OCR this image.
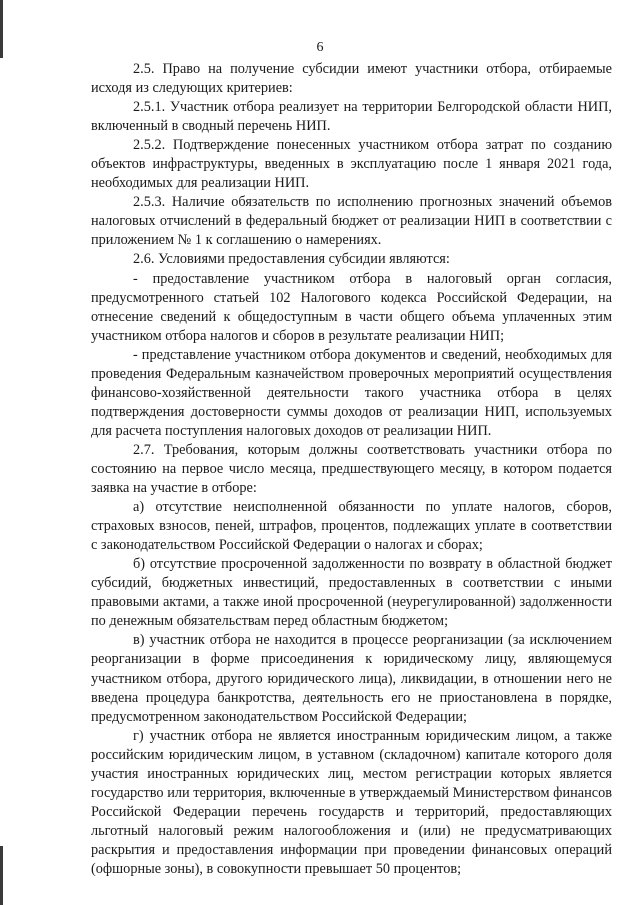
6

2.5. Право на получение субсидии имеют участники отбора, отбираемые исходя из следующих критериев:

2.5.1. Участник отбора реализует на территории Белгородской области НИП, включенный в сводный перечень НИП.

2.5.2. Подтверждение понесенных участником отбора затрат по созданию объектов инфраструктуры, введенных в эксплуатацию после 1 января 2021 года, необходимых для реализации НИП.

2.5.3. Наличие обязательств по исполнению прогнозных значений объемов налоговых отчислений в федеральный бюджет от реализации НИП в соответствии с приложением № 1 к соглашению о намерениях.

2.6. Условиями предоставления субсидии являются:

- предоставление участником отбора в налоговый орган согласия, предусмотренного статьей 102 Налогового кодекса Российской Федерации, на отнесение сведений к общедоступным в части общего объема уплаченных этим участником отбора налогов и сборов в результате реализации НИП;

- представление участником отбора документов и сведений, необходимых для проведения Федеральным казначейством проверочных мероприятий осуществления финансово-хозяйственной деятельности такого участника отбора в целях подтверждения достоверности суммы доходов от реализации НИП, используемых для расчета поступления налоговых доходов от реализации НИП.

2.7. Требования, которым должны соответствовать участники отбора по состоянию на первое число месяца, предшествующего месяцу, в котором подается заявка на участие в отборе:

а) отсутствие неисполненной обязанности по уплате налогов, сборов, страховых взносов, пеней, штрафов, процентов, подлежащих уплате в соответствии с законодательством Российской Федерации о налогах и сборах;

б) отсутствие просроченной задолженности по возврату в областной бюджет субсидий, бюджетных инвестиций, предоставленных в соответствии с иными правовыми актами, а также иной просроченной (неурегулированной) задолженности по денежным обязательствам перед областным бюджетом;

в) участник отбора не находится в процессе реорганизации (за исключением реорганизации в форме присоединения к юридическому лицу, являющемуся участником отбора, другого юридического лица), ликвидации, в отношении него не введена процедура банкротства, деятельность его не приостановлена в порядке, предусмотренном законодательством Российской Федерации;

г) участник отбора не является иностранным юридическим лицом, а также российским юридическим лицом, в уставном (складочном) капитале которого доля участия иностранных юридических лиц, местом регистрации которых является государство или территория, включенные в утверждаемый Министерством финансов Российской Федерации перечень государств и территорий, предоставляющих льготный налоговый режим налогообложения и (или) не предусматривающих раскрытия и предоставления информации при проведении финансовых операций (офшорные зоны), в совокупности превышает 50 процентов;
